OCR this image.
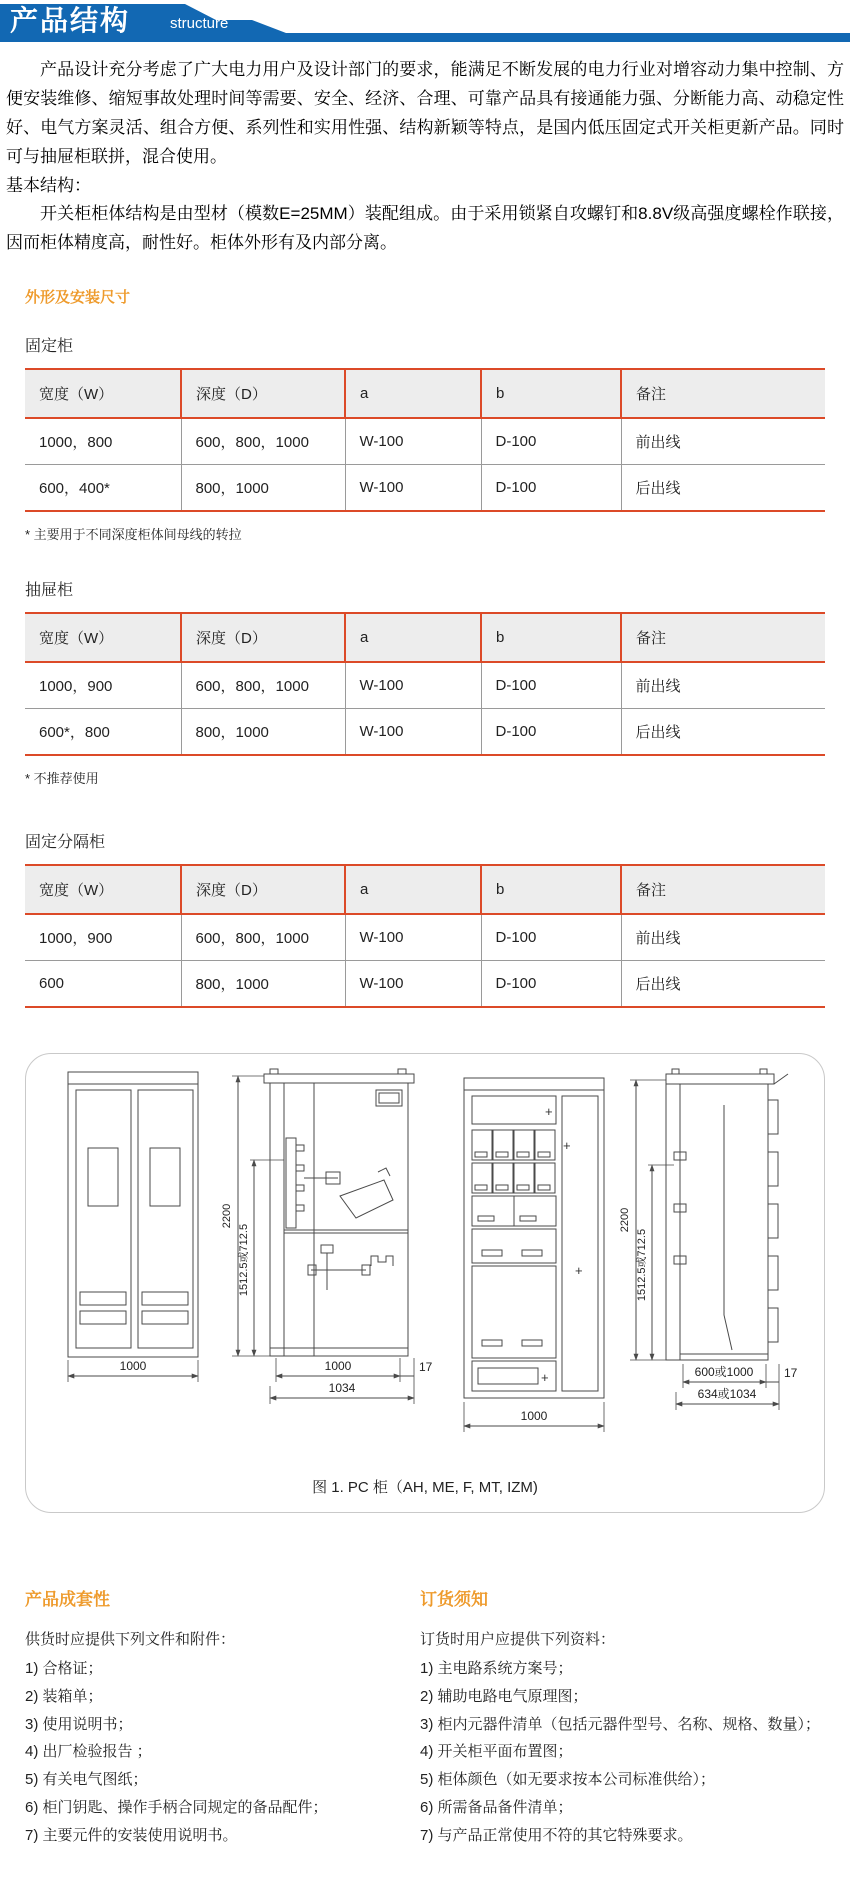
产品结构	structure

产品设计充分考虑了广大电力用户及设计部门的要求，能满足不断发展的电力行业对增容动力集中控制、方便安装维修、缩短事故处理时间等需要、安全、经济、合理、可靠产品具有接通能力强、分断能力高、动稳定性好、电气方案灵活、组合方便、系列性和实用性强、结构新颖等特点，是国内低压固定式开关柜更新产品。同时可与抽屉柜联拼，混合使用。

基本结构：

开关柜柜体结构是由型材（模数E=25MM）装配组成。由于采用锁紧自攻螺钉和8.8V级高强度螺栓作联接，因而柜体精度高，耐性好。柜体外形有及内部分离。

外形及安装尺寸
固定柜
宽度（W）	深度（D）	a	b	备注
1000，800	600，800，1000	W-100	D-100	前出线
600，400*	800，1000	W-100	D-100	后出线
* 主要用于不同深度柜体间母线的转拉
抽屉柜
宽度（W）	深度（D）	a	b	备注
1000，900	600，800，1000	W-100	D-100	前出线
600*，800	800，1000	W-100	D-100	后出线
* 不推荐使用
固定分隔柜
宽度（W）	深度（D）	a	b	备注
1000，900	600，800，1000	W-100	D-100	前出线
600	800，1000	W-100	D-100	后出线
1000
2200
1512.5或712.5
1000	17
1034
+
+
+
+
1000
2200
1512.5或712.5
600或1000	17
634或1034
图 1. PC 柜（AH, ME, F, MT, IZM)
产品成套性

供货时应提供下列文件和附件：

1) 合格证；
2) 装箱单；
3) 使用说明书；
4) 出厂检验报告 ；
5) 有关电气图纸；
6) 柜门钥匙、操作手柄合同规定的备品配件；
7) 主要元件的安装使用说明书。
订货须知

订货时用户应提供下列资料：

1) 主电路系统方案号；
2) 辅助电路电气原理图；
3) 柜内元器件清单（包括元器件型号、名称、规格、数量）；
4) 开关柜平面布置图；
5) 柜体颜色（如无要求按本公司标准供给）；
6) 所需备品备件清单；
7) 与产品正常使用不符的其它特殊要求。
